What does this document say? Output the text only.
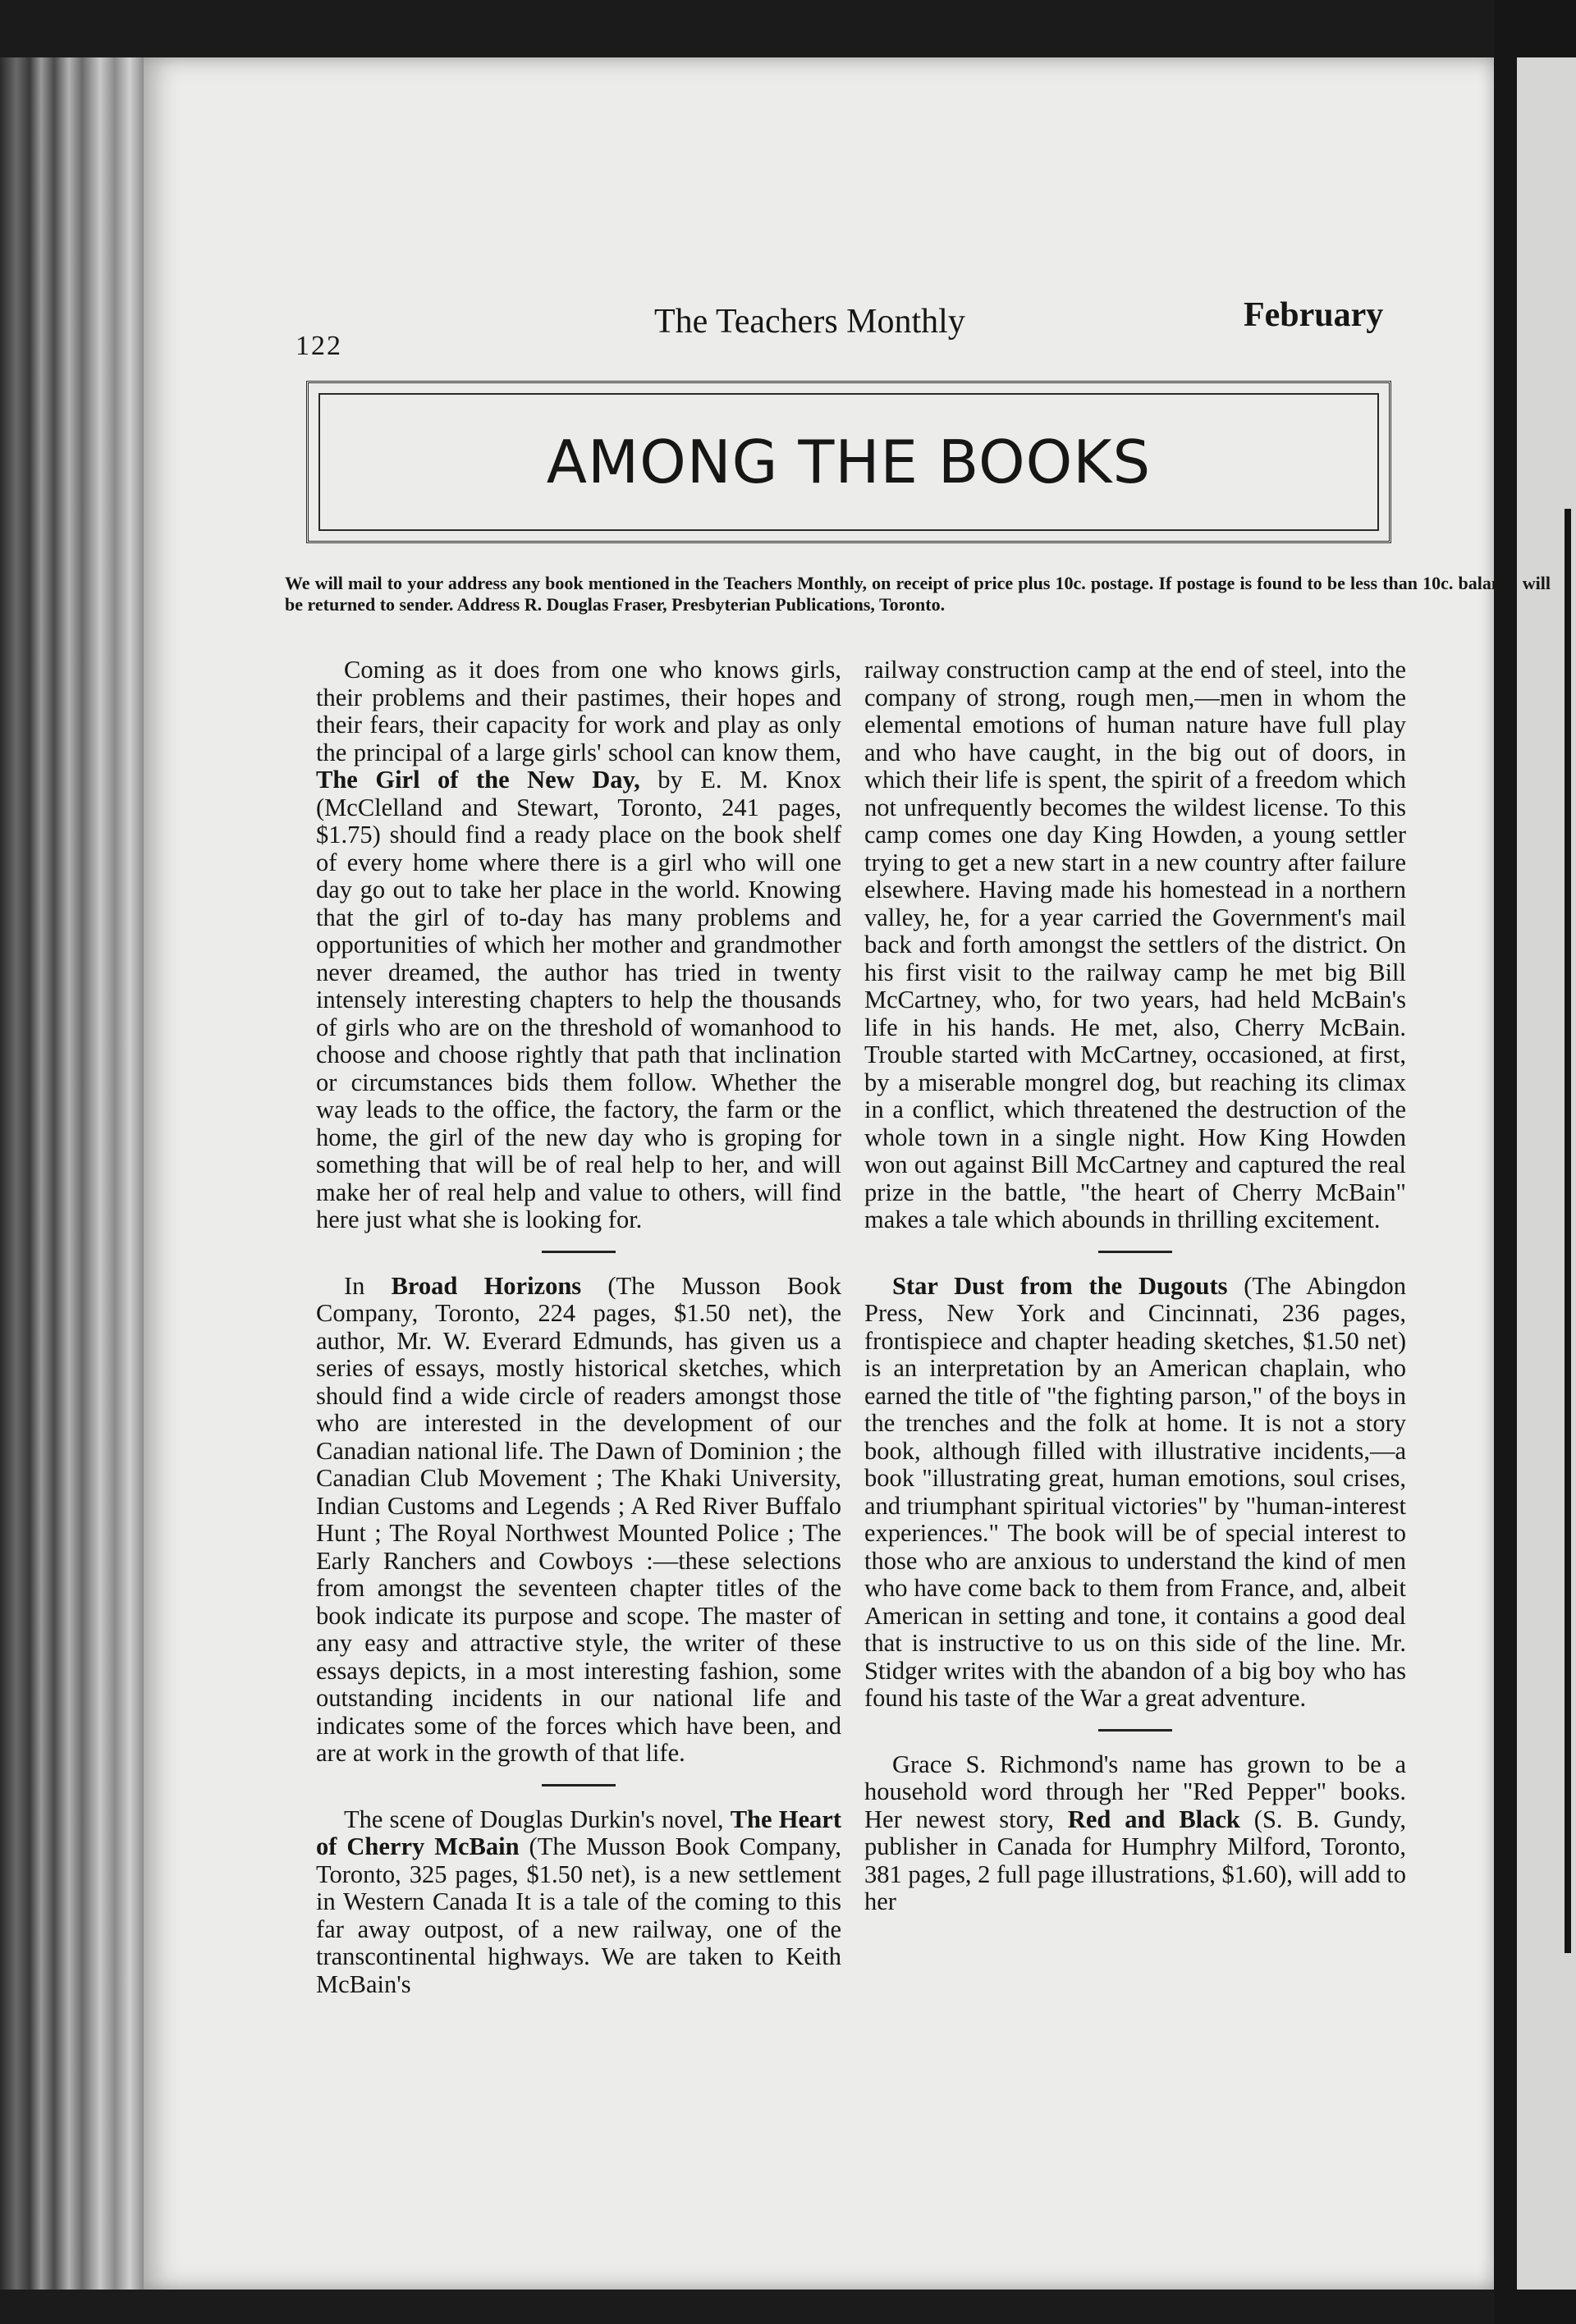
122
The Teachers Monthly	February
AMONG THE BOOKS
We will mail to your address any book mentioned in the Teachers Monthly, on receipt of price plus 10c. postage. If postage is found to be less than 10c. balance will be returned to sender. Address R. Douglas Fraser, Presbyterian Publications, Toronto.

Coming as it does from one who knows girls, their problems and their pastimes, their hopes and their fears, their capacity for work and play as only the principal of a large girls' school can know them, The Girl of the New Day, by E. M. Knox (McClelland and Stewart, Toronto, 241 pages, $1.75) should find a ready place on the book shelf of every home where there is a girl who will one day go out to take her place in the world. Knowing that the girl of to-day has many problems and opportunities of which her mother and grandmother never dreamed, the author has tried in twenty intensely interesting chapters to help the thousands of girls who are on the threshold of womanhood to choose and choose rightly that path that inclination or circumstances bids them follow. Whether the way leads to the office, the factory, the farm or the home, the girl of the new day who is groping for something that will be of real help to her, and will make her of real help and value to others, will find here just what she is looking for.

In Broad Horizons (The Musson Book Company, Toronto, 224 pages, $1.50 net), the author, Mr. W. Everard Edmunds, has given us a series of essays, mostly historical sketches, which should find a wide circle of readers amongst those who are interested in the development of our Canadian national life. The Dawn of Dominion ; the Canadian Club Movement ; The Khaki University, Indian Customs and Legends ; A Red River Buffalo Hunt ; The Royal Northwest Mounted Police ; The Early Ranchers and Cowboys :—these selections from amongst the seventeen chapter titles of the book indicate its purpose and scope. The master of any easy and attractive style, the writer of these essays depicts, in a most interesting fashion, some outstanding incidents in our national life and indicates some of the forces which have been, and are at work in the growth of that life.

The scene of Douglas Durkin's novel, The Heart of Cherry McBain (The Musson Book Company, Toronto, 325 pages, $1.50 net), is a new settlement in Western Canada It is a tale of the coming to this far away outpost, of a new railway, one of the transcontinental highways. We are taken to Keith McBain's

railway construction camp at the end of steel, into the company of strong, rough men,—men in whom the elemental emotions of human nature have full play and who have caught, in the big out of doors, in which their life is spent, the spirit of a freedom which not unfrequently becomes the wildest license. To this camp comes one day King Howden, a young settler trying to get a new start in a new country after failure elsewhere. Having made his homestead in a northern valley, he, for a year carried the Government's mail back and forth amongst the settlers of the district. On his first visit to the railway camp he met big Bill McCartney, who, for two years, had held McBain's life in his hands. He met, also, Cherry McBain. Trouble started with McCartney, occasioned, at first, by a miserable mongrel dog, but reaching its climax in a conflict, which threatened the destruction of the whole town in a single night. How King Howden won out against Bill McCartney and captured the real prize in the battle, "the heart of Cherry McBain" makes a tale which abounds in thrilling excitement.

Star Dust from the Dugouts (The Abingdon Press, New York and Cincinnati, 236 pages, frontispiece and chapter heading sketches, $1.50 net) is an interpretation by an American chaplain, who earned the title of "the fighting parson," of the boys in the trenches and the folk at home. It is not a story book, although filled with illustrative incidents,—a book "illustrating great, human emotions, soul crises, and triumphant spiritual victories" by "human-interest experiences." The book will be of special interest to those who are anxious to understand the kind of men who have come back to them from France, and, albeit American in setting and tone, it contains a good deal that is instructive to us on this side of the line. Mr. Stidger writes with the abandon of a big boy who has found his taste of the War a great adventure.

Grace S. Richmond's name has grown to be a household word through her "Red Pepper" books. Her newest story, Red and Black (S. B. Gundy, publisher in Canada for Humphry Milford, Toronto, 381 pages, 2 full page illustrations, $1.60), will add to her
